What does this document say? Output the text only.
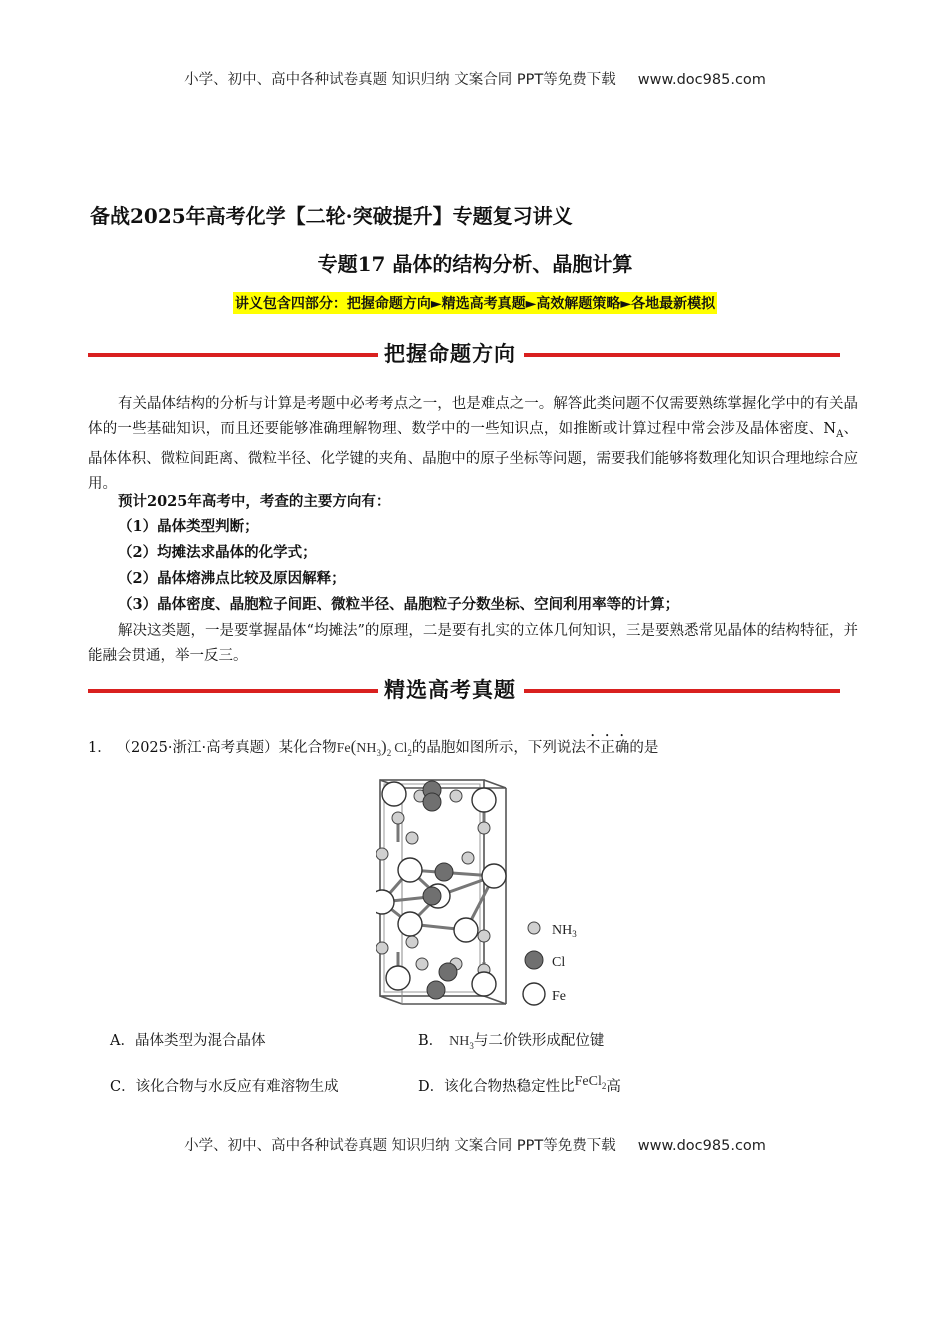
小学、初中、高中各种试卷真题 知识归纳 文案合同 PPT等免费下载 www.doc985.com
备战2025年高考化学【二轮·突破提升】专题复习讲义
专题17 晶体的结构分析、晶胞计算
讲义包含四部分：把握命题方向►精选高考真题►高效解题策略►各地最新模拟
把握命题方向
有关晶体结构的分析与计算是考题中必考考点之一，也是难点之一。解答此类问题不仅需要熟练掌握化学中的有关晶体的一些基础知识，而且还要能够准确理解物理、数学中的一些知识点，如推断或计算过程中常会涉及晶体密度、$N_A$、晶体体积、微粒间距离、微粒半径、化学键的夹角、晶胞中的原子坐标等问题，需要我们能够将数理化知识合理地综合应用。
预计2025年高考中，考查的主要方向有：
（1）晶体类型判断；
（2）均摊法求晶体的化学式；
（2）晶体熔沸点比较及原因解释；
（3）晶体密度、晶胞粒子间距、微粒半径、晶胞粒子分数坐标、空间利用率等的计算；
解决这类题，一是要掌握晶体“均摊法”的原理，二是要有扎实的立体几何知识，三是要熟悉常见晶体的结构特征，并能融会贯通，举一反三。
精选高考真题
1． （2025·浙江·高考真题）某化合物$Fe(NH_3)_2$ $Cl_2$的晶胞如图所示，下列说法不正确的是
$NH_3$
Cl
Fe
A．晶体类型为混合晶体	B． $NH_3$与二价铁形成配位键
C．该化合物与水反应有难溶物生成	D．该化合物热稳定性比FeCl$_2$高
小学、初中、高中各种试卷真题 知识归纳 文案合同 PPT等免费下载 www.doc985.com
